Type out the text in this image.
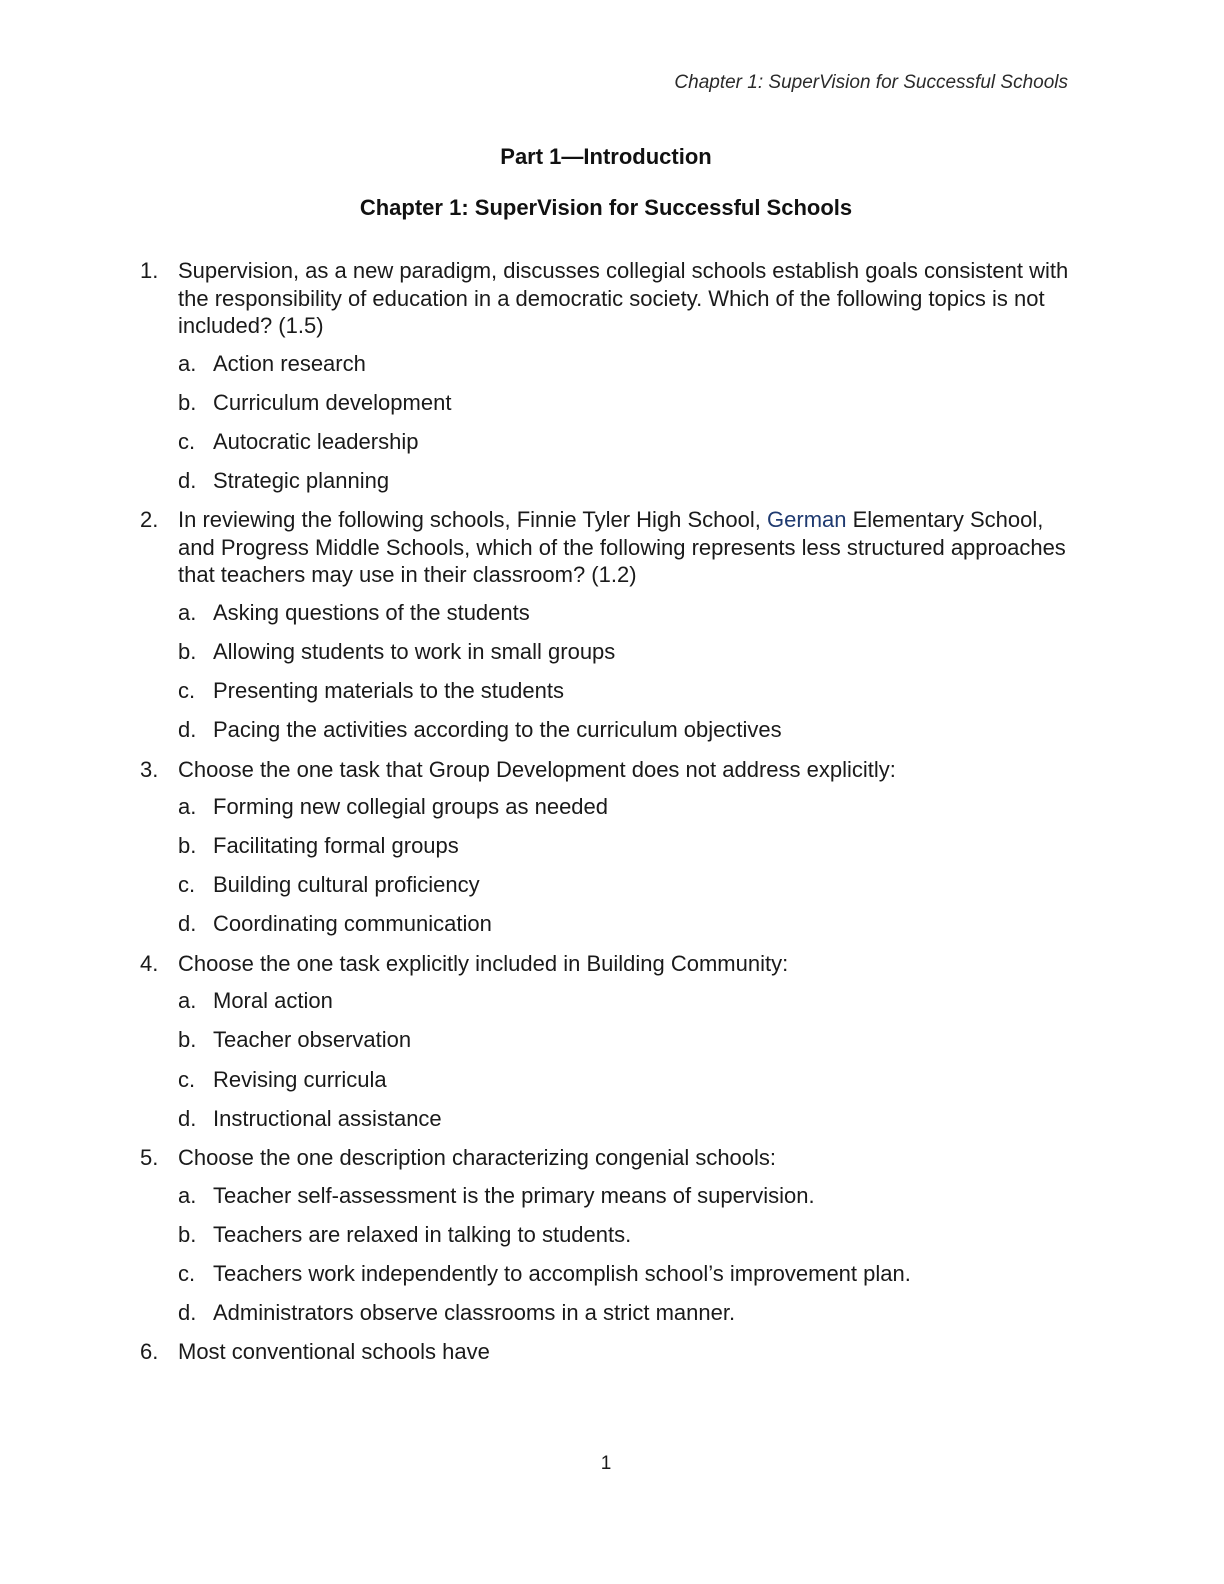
Chapter 1: SuperVision for Successful Schools
Part 1—Introduction
Chapter 1: SuperVision for Successful Schools
1. Supervision, as a new paradigm, discusses collegial schools establish goals consistent with the responsibility of education in a democratic society. Which of the following topics is not included? (1.5)
a. Action research
b. Curriculum development
c. Autocratic leadership
d. Strategic planning
2. In reviewing the following schools, Finnie Tyler High School, German Elementary School, and Progress Middle Schools, which of the following represents less structured approaches that teachers may use in their classroom? (1.2)
a. Asking questions of the students
b. Allowing students to work in small groups
c. Presenting materials to the students
d. Pacing the activities according to the curriculum objectives
3. Choose the one task that Group Development does not address explicitly:
a. Forming new collegial groups as needed
b. Facilitating formal groups
c. Building cultural proficiency
d. Coordinating communication
4. Choose the one task explicitly included in Building Community:
a. Moral action
b. Teacher observation
c. Revising curricula
d. Instructional assistance
5. Choose the one description characterizing congenial schools:
a. Teacher self-assessment is the primary means of supervision.
b. Teachers are relaxed in talking to students.
c. Teachers work independently to accomplish school’s improvement plan.
d. Administrators observe classrooms in a strict manner.
6. Most conventional schools have
1
